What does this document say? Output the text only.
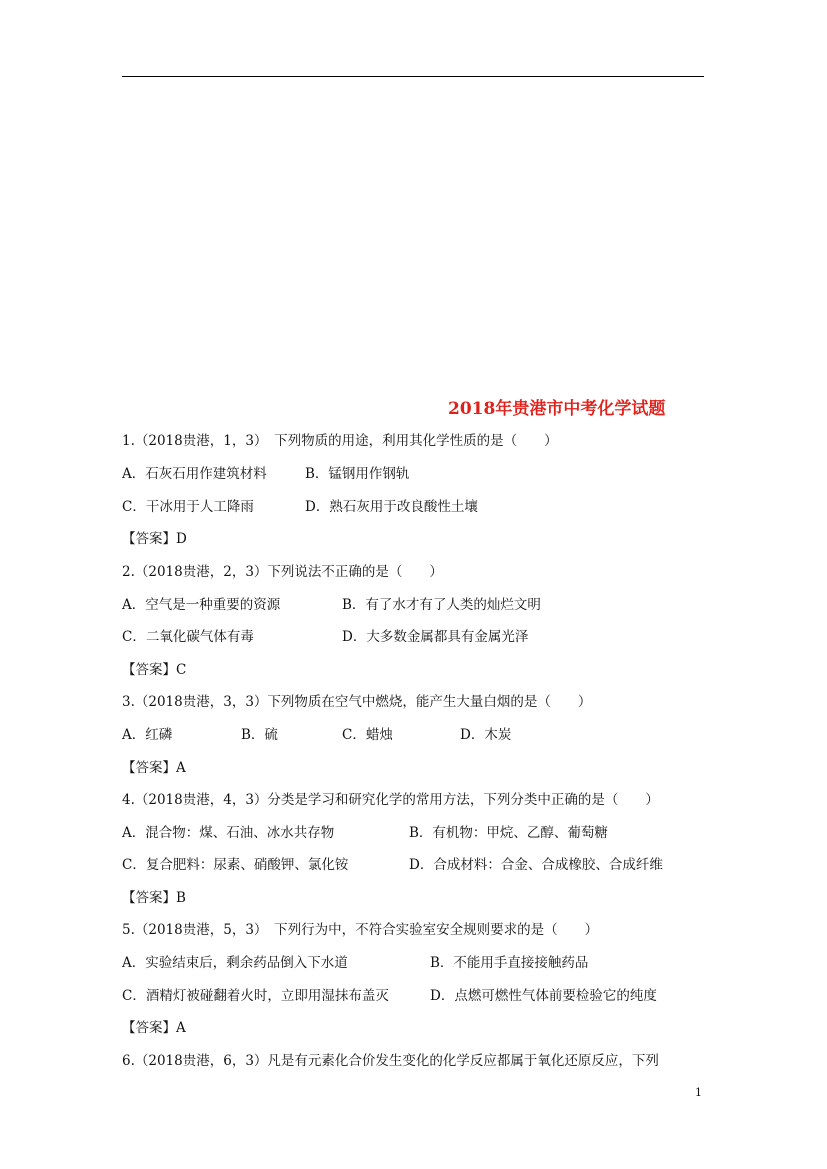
2018年贵港市中考化学试题
1.（2018贵港，1，3）　下列物质的用途，利用其化学性质的是（　　）
A．石灰石用作建筑材料	B．锰钢用作钢轨
C．干冰用于人工降雨	D．熟石灰用于改良酸性土壤
【答案】D
2.（2018贵港，2，3）下列说法不正确的是（　　）
A．空气是一种重要的资源	B．有了水才有了人类的灿烂文明
C．二氧化碳气体有毒	D．大多数金属都具有金属光泽
【答案】C
3.（2018贵港，3，3）下列物质在空气中燃烧，能产生大量白烟的是（　　）
A．红磷	B．硫	C．蜡烛	D．木炭
【答案】A
4.（2018贵港，4，3）分类是学习和研究化学的常用方法，下列分类中正确的是（　　）
A．混合物：煤、石油、冰水共存物	B．有机物：甲烷、乙醇、葡萄糖
C．复合肥料：尿素、硝酸钾、氯化铵	D．合成材料：合金、合成橡胶、合成纤维
【答案】B
5.（2018贵港，5，3）　下列行为中，不符合实验室安全规则要求的是（　　）
A．实验结束后，剩余药品倒入下水道	B．不能用手直接接触药品
C．酒精灯被碰翻着火时，立即用湿抹布盖灭	D．点燃可燃性气体前要检验它的纯度
【答案】A
6.（2018贵港，6，3）凡是有元素化合价发生变化的化学反应都属于氧化还原反应，下列
1
